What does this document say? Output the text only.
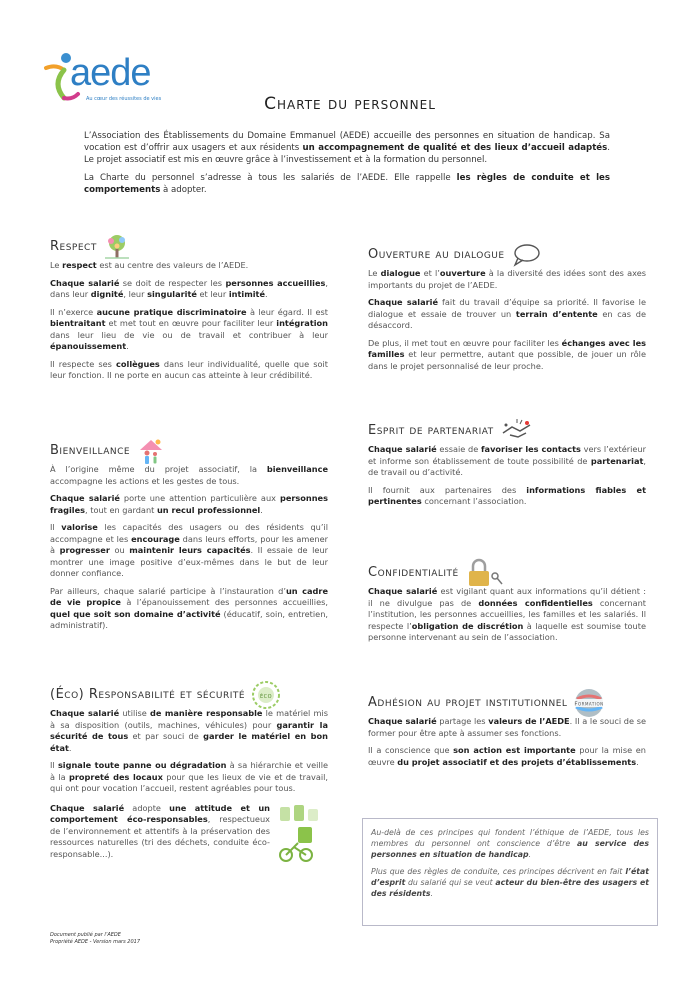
aede
Au cœur des réussites de vies	Charte du personnel

L’Association des Établissements du Domaine Emmanuel (AEDE) accueille des personnes en situation de handicap. Sa vocation est d’offrir aux usagers et aux résidents un accompagnement de qualité et des lieux d’accueil adaptés. Le projet associatif est mis en œuvre grâce à l’investissement et à la formation du personnel.

La Charte du personnel s’adresse à tous les salariés de l’AEDE. Elle rappelle les règles de conduite et les comportements à adopter.

Respect

Le respect est au centre des valeurs de l’AEDE.

Chaque salarié se doit de respecter les personnes accueillies, dans leur dignité, leur singularité et leur intimité.

Il n’exerce aucune pratique discriminatoire à leur égard. Il est bientraitant et met tout en œuvre pour faciliter leur intégration dans leur lieu de vie ou de travail et contribuer à leur épanouissement.

Il respecte ses collègues dans leur individualité, quelle que soit leur fonction. Il ne porte en aucun cas atteinte à leur crédibilité.

Bienveillance

À l’origine même du projet associatif, la bienveillance accompagne les actions et les gestes de tous.

Chaque salarié porte une attention particulière aux personnes fragiles, tout en gardant un recul professionnel.

Il valorise les capacités des usagers ou des résidents qu’il accompagne et les encourage dans leurs efforts, pour les amener à progresser ou maintenir leurs capacités. Il essaie de leur montrer une image positive d’eux-mêmes dans le but de leur donner confiance.

Par ailleurs, chaque salarié participe à l’instauration d’un cadre de vie propice à l’épanouissement des personnes accueillies, quel que soit son domaine d’activité (éducatif, soin, entretien, administratif).

(Éco) Responsabilité et sécurité éco

Chaque salarié utilise de manière responsable le matériel mis à sa disposition (outils, machines, véhicules) pour garantir la sécurité de tous et par souci de garder le matériel en bon état.

Il signale toute panne ou dégradation à sa hiérarchie et veille à la propreté des locaux pour que les lieux de vie et de travail, qui ont pour vocation l’accueil, restent agréables pour tous.

Chaque salarié adopte une attitude et un comportement éco-responsables, respectueux de l’environnement et attentifs à la préservation des ressources naturelles (tri des déchets, conduite éco-responsable...).

Ouverture au dialogue

Le dialogue et l’ouverture à la diversité des idées sont des axes importants du projet de l’AEDE.

Chaque salarié fait du travail d’équipe sa priorité. Il favorise le dialogue et essaie de trouver un terrain d’entente en cas de désaccord.

De plus, il met tout en œuvre pour faciliter les échanges avec les familles et leur permettre, autant que possible, de jouer un rôle dans le projet personnalisé de leur proche.

Esprit de partenariat

Chaque salarié essaie de favoriser les contacts vers l’extérieur et informe son établissement de toute possibilité de partenariat, de travail ou d’activité.

Il fournit aux partenaires des informations fiables et pertinentes concernant l’association.

Confidentialité

Chaque salarié est vigilant quant aux informations qu’il détient : il ne divulgue pas de données confidentielles concernant l’institution, les personnes accueillies, les familles et les salariés. Il respecte l’obligation de discrétion à laquelle est soumise toute personne intervenant au sein de l’association.

Adhésion au projet institutionnel Formation

Chaque salarié partage les valeurs de l’AEDE. Il a le souci de se former pour être apte à assumer ses fonctions.

Il a conscience que son action est importante pour la mise en œuvre du projet associatif et des projets d’établissements.

Au-delà de ces principes qui fondent l’éthique de l’AEDE, tous les membres du personnel ont conscience d’être au service des personnes en situation de handicap.

Plus que des règles de conduite, ces principes décrivent en fait l’état d’esprit du salarié qui se veut acteur du bien-être des usagers et des résidents.

Document publié par l’AEDE
Propriété AEDE - Version mars 2017
